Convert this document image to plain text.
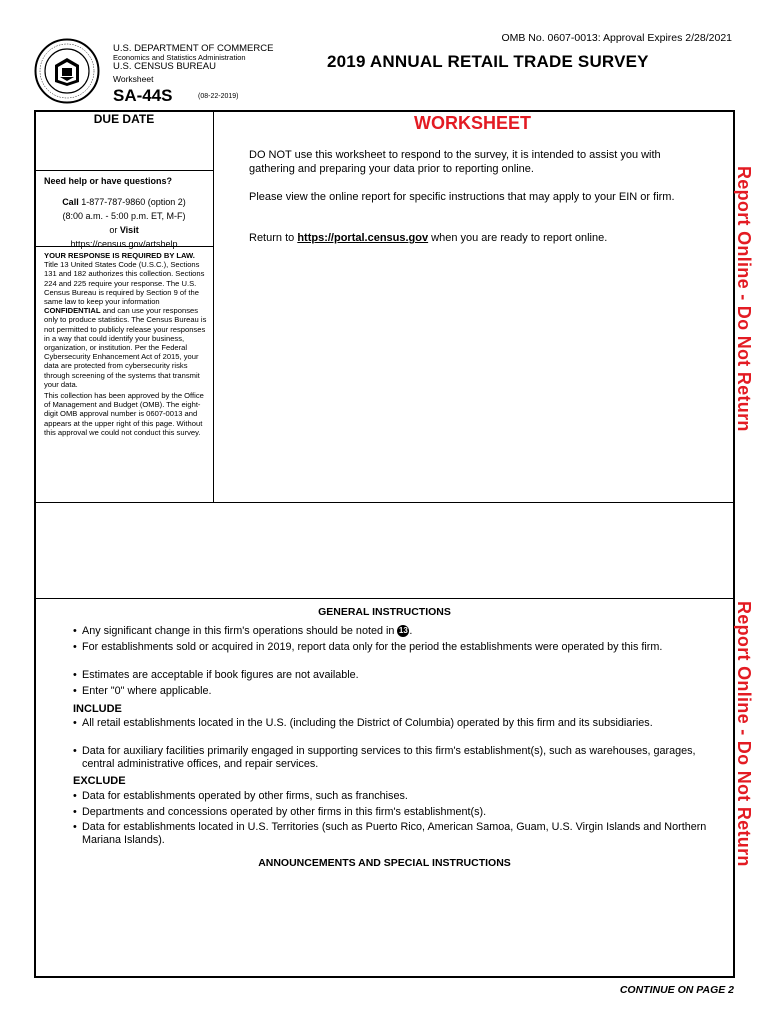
OMB No. 0607-0013: Approval Expires 2/28/2021
U.S. DEPARTMENT OF COMMERCE
Economics and Statistics Administration
U.S. CENSUS BUREAU
Worksheet
SA-44S	(08-22-2019)
2019 ANNUAL RETAIL TRADE SURVEY
DUE DATE
Need help or have questions?
Call 1-877-787-9860 (option 2)
(8:00 a.m. - 5:00 p.m. ET, M-F)
or Visit
https://census.gov/artshelp

YOUR RESPONSE IS REQUIRED BY LAW. Title 13 United States Code (U.S.C.), Sections 131 and 182 authorizes this collection. Sections 224 and 225 require your response. The U.S. Census Bureau is required by Section 9 of the same law to keep your information CONFIDENTIAL and can use your responses only to produce statistics. The Census Bureau is not permitted to publicly release your responses in a way that could identify your business, organization, or institution. Per the Federal Cybersecurity Enhancement Act of 2015, your data are protected from cybersecurity risks through screening of the systems that transmit your data.

This collection has been approved by the Office of Management and Budget (OMB). The eight-digit OMB approval number is 0607-0013 and appears at the upper right of this page. Without this approval we could not conduct this survey.

WORKSHEET
DO NOT use this worksheet to respond to the survey, it is intended to assist you with gathering and preparing your data prior to reporting online.
Please view the online report for specific instructions that may apply to your EIN or firm.
Return to https://portal.census.gov when you are ready to report online.	Report Online - Do Not Return
Report Online - Do Not Return
GENERAL INSTRUCTIONS
• Any significant change in this firm's operations should be noted in 13 .
• For establishments sold or acquired in 2019, report data only for the period the establishments were operated by this firm.
• Estimates are acceptable if book figures are not available.
• Enter "0" where applicable.
INCLUDE
• All retail establishments located in the U.S. (including the District of Columbia) operated by this firm and its subsidiaries.
• Data for auxiliary facilities primarily engaged in supporting services to this firm's establishment(s), such as warehouses, garages, central administrative offices, and repair services.
EXCLUDE
• Data for establishments operated by other firms, such as franchises.
• Departments and concessions operated by other firms in this firm's establishment(s).
• Data for establishments located in U.S. Territories (such as Puerto Rico, American Samoa, Guam, U.S. Virgin Islands and Northern Mariana Islands).
ANNOUNCEMENTS AND SPECIAL INSTRUCTIONS
CONTINUE ON PAGE 2
